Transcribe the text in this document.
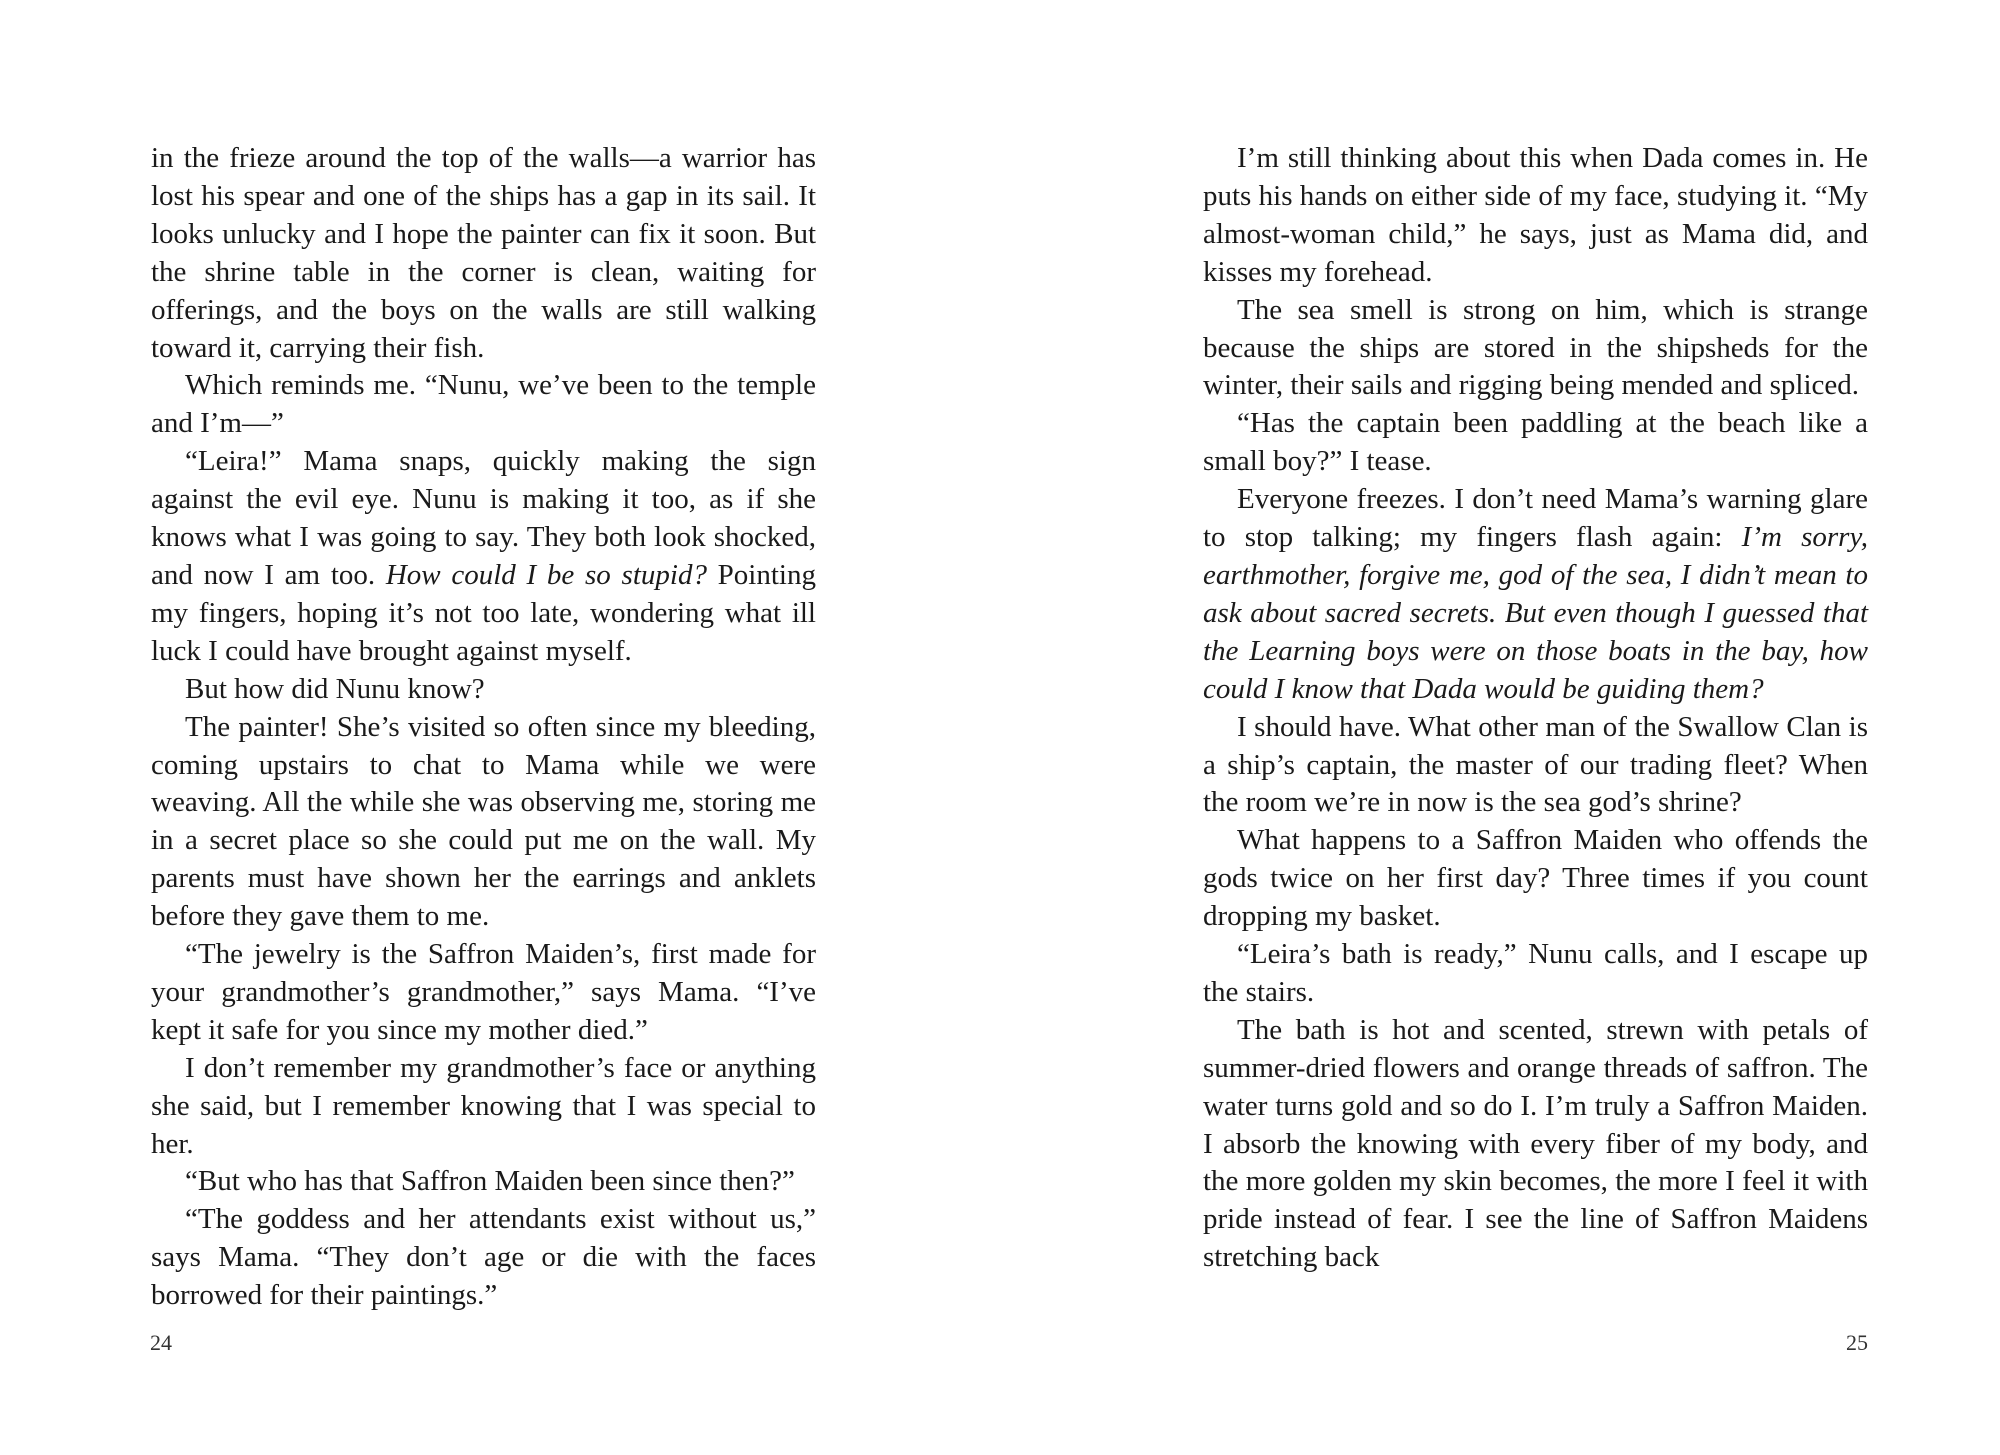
in the frieze around the top of the walls—a warrior has lost his spear and one of the ships has a gap in its sail. It looks unlucky and I hope the painter can fix it soon. But the shrine table in the corner is clean, waiting for offerings, and the boys on the walls are still walking toward it, carrying their fish.

Which reminds me. “Nunu, we’ve been to the temple and I’m—”

“Leira!” Mama snaps, quickly making the sign against the evil eye. Nunu is making it too, as if she knows what I was going to say. They both look shocked, and now I am too. How could I be so stupid? Pointing my fingers, hoping it’s not too late, wondering what ill luck I could have brought against myself.

But how did Nunu know?

The painter! She’s visited so often since my bleeding, coming upstairs to chat to Mama while we were weaving. All the while she was observing me, storing me in a secret place so she could put me on the wall. My parents must have shown her the earrings and anklets before they gave them to me.

“The jewelry is the Saffron Maiden’s, first made for your grandmother’s grandmother,” says Mama. “I’ve kept it safe for you since my mother died.”

I don’t remember my grandmother’s face or anything she said, but I remember knowing that I was special to her.

“But who has that Saffron Maiden been since then?”

“The goddess and her attendants exist without us,” says Mama. “They don’t age or die with the faces borrowed for their paintings.”

24

I’m still thinking about this when Dada comes in. He puts his hands on either side of my face, studying it. “My almost-woman child,” he says, just as Mama did, and kisses my forehead.

The sea smell is strong on him, which is strange because the ships are stored in the shipsheds for the winter, their sails and rigging being mended and spliced.

“Has the captain been paddling at the beach like a small boy?” I tease.

Everyone freezes. I don’t need Mama’s warning glare to stop talking; my fingers flash again: I’m sorry, earthmother, forgive me, god of the sea, I didn’t mean to ask about sacred secrets. But even though I guessed that the Learning boys were on those boats in the bay, how could I know that Dada would be guiding them?

I should have. What other man of the Swallow Clan is a ship’s captain, the master of our trading fleet? When the room we’re in now is the sea god’s shrine?

What happens to a Saffron Maiden who offends the gods twice on her first day? Three times if you count dropping my basket.

“Leira’s bath is ready,” Nunu calls, and I escape up the stairs.

The bath is hot and scented, strewn with petals of summer-dried flowers and orange threads of saffron. The water turns gold and so do I. I’m truly a Saffron Maiden. I absorb the knowing with every fiber of my body, and the more golden my skin becomes, the more I feel it with pride instead of fear. I see the line of Saffron Maidens stretching back

25
